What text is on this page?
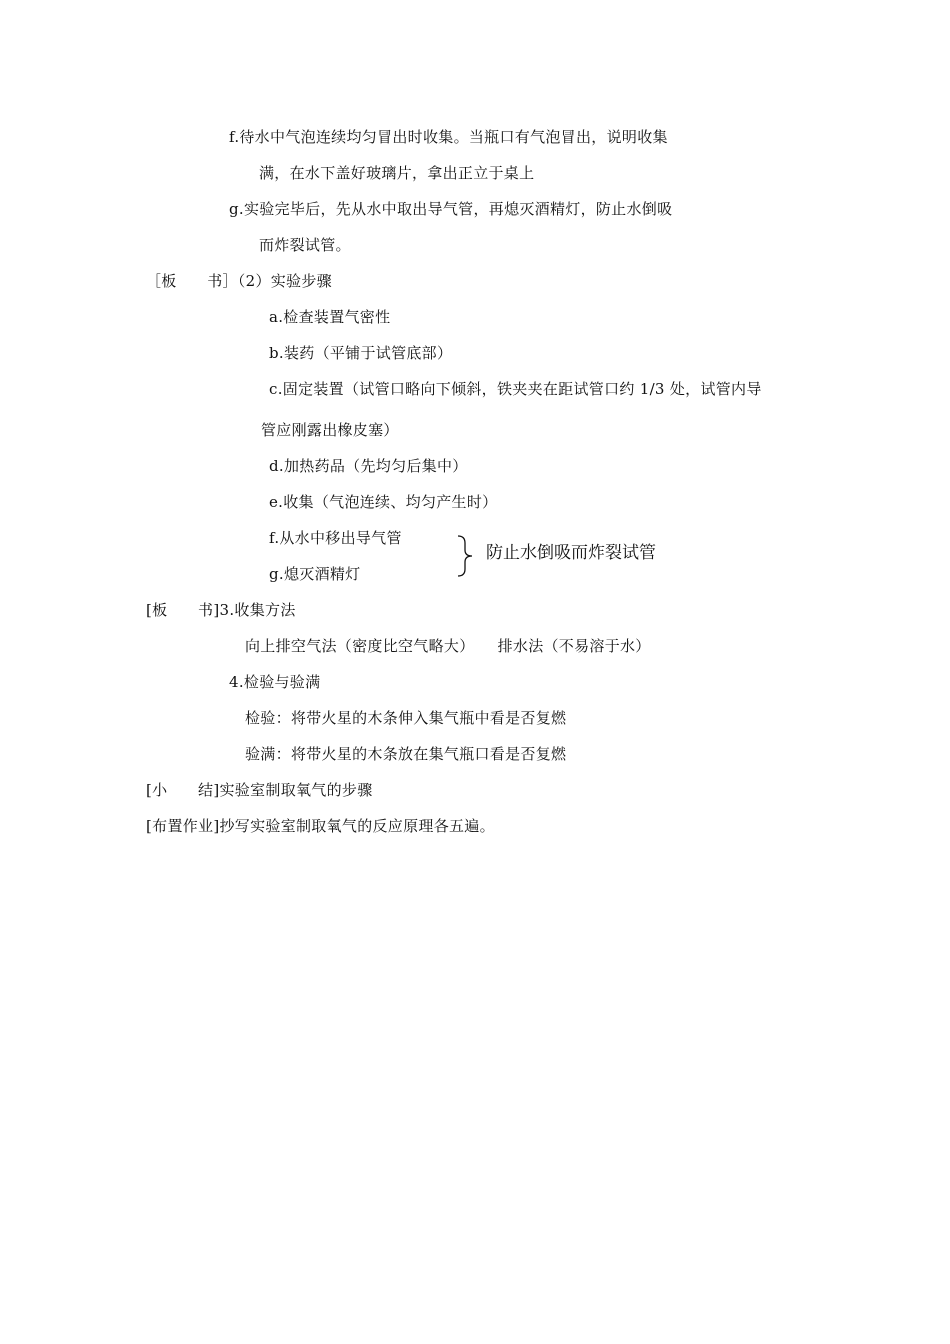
f.待水中气泡连续均匀冒出时收集。当瓶口有气泡冒出，说明收集
满，在水下盖好玻璃片，拿出正立于桌上
g.实验完毕后，先从水中取出导气管，再熄灭酒精灯，防止水倒吸
而炸裂试管。
［板　　书］（2）实验步骤
a.检查装置气密性
b.装药（平铺于试管底部）
c.固定装置（试管口略向下倾斜，铁夹夹在距试管口约 1/3 处，试管内导
管应刚露出橡皮塞）
d.加热药品（先均匀后集中）
e.收集（气泡连续、均匀产生时）
f.从水中移出导气管
g.熄灭酒精灯
防止水倒吸而炸裂试管
[板　　书]3.收集方法
向上排空气法（密度比空气略大）　　排水法（不易溶于水）
4.检验与验满
检验：将带火星的木条伸入集气瓶中看是否复燃
验满：将带火星的木条放在集气瓶口看是否复燃
[小　　结]实验室制取氧气的步骤
[布置作业]抄写实验室制取氧气的反应原理各五遍。
